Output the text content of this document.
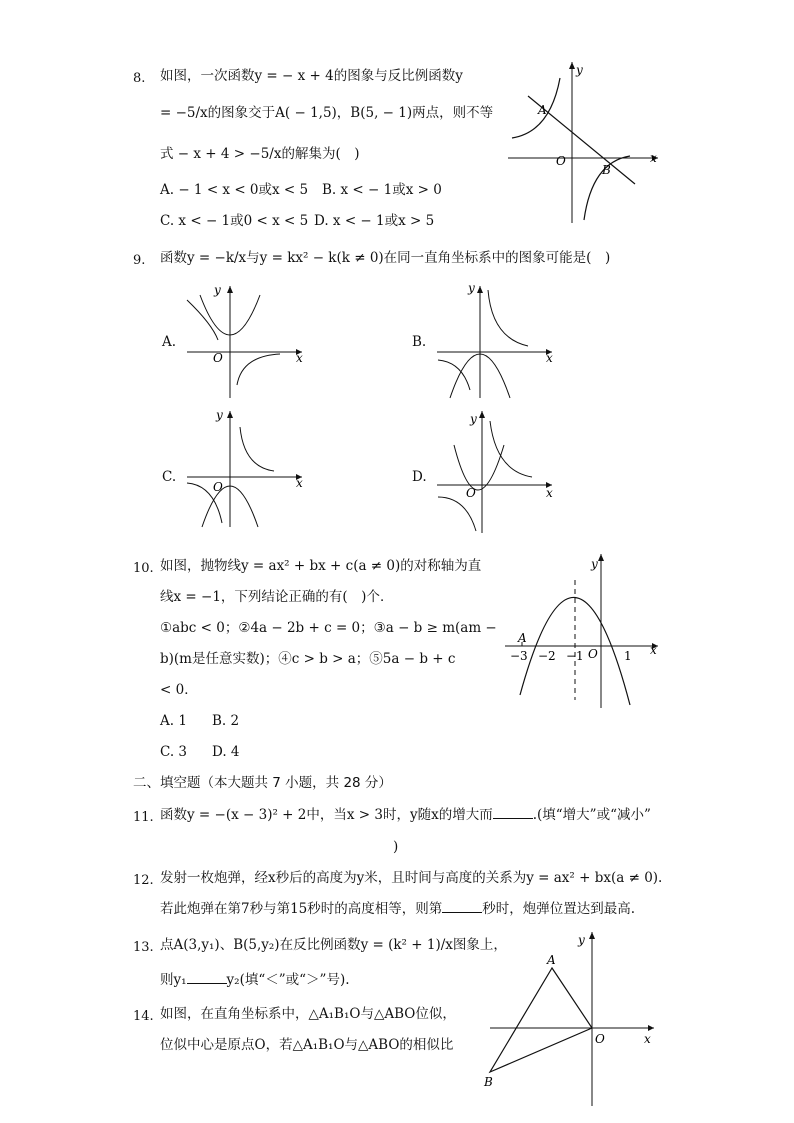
8. 如图，一次函数y = − x + 4的图象与反比例函数y
= −5/x的图象交于A( − 1,5)，B(5, − 1)两点，则不等
式 − x + 4 > −5/x的解集为(　)
A. − 1 < x < 0或x < 5 B. x < − 1或x > 0
C. x < − 1或0 < x < 5 D. x < − 1或x > 5
y
x
O
A
B
9. 函数y = −k/x与y = kx² − k(k ≠ 0)在同一直角坐标系中的图象可能是(　)
A.
y
x
O
B.
y
x
C.
y
x
O
D.
y
x
O
10. 如图，抛物线y = ax² + bx + c(a ≠ 0)的对称轴为直
线x = −1，下列结论正确的有(　)个．
①abc < 0；②4a − 2b + c = 0；③a − b ≥ m(am −
b)(m是任意实数)；④c > b > a；⑤5a − b + c
< 0．
A. 1 B. 2
C. 3 D. 4
y
x
O
A
−3 −2 −1	1
二、填空题（本大题共 7 小题，共 28 分）
11. 函数y = −(x − 3)² + 2中，当x > 3时，y随x的增大而	.(填“增大”或“减小”
)
12. 发射一枚炮弹，经x秒后的高度为y米，且时间与高度的关系为y = ax² + bx(a ≠ 0).
若此炮弹在第7秒与第15秒时的高度相等，则第	秒时，炮弹位置达到最高.
13. 点A(3,y₁)、B(5,y₂)在反比例函数y = (k² + 1)/x图象上，
则y₁	y₂(填“＜”或“＞”号).
14. 如图，在直角坐标系中，△A₁B₁O与△ABO位似，
位似中心是原点O，若△A₁B₁O与△ABO的相似比
y
x
O
A
B
